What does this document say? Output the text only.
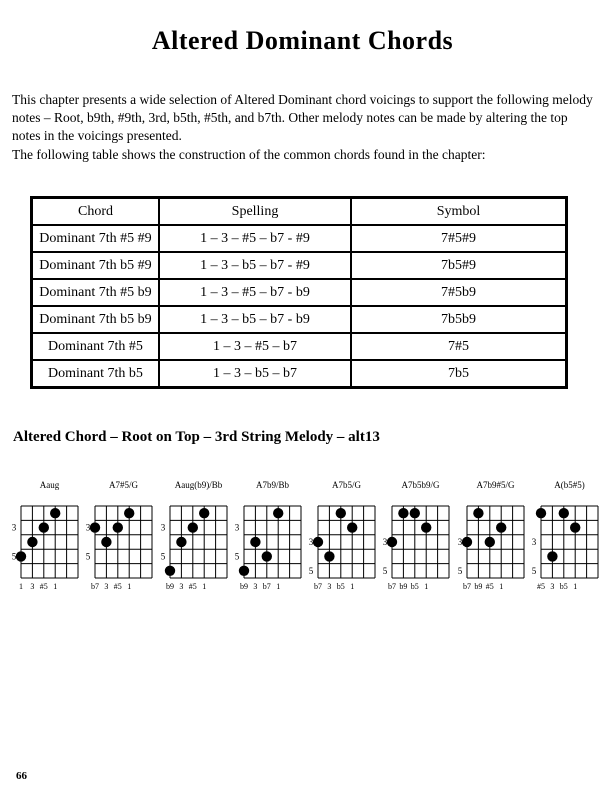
Altered Dominant Chords
This chapter presents a wide selection of Altered Dominant chord voicings to support the following melody notes – Root, b9th, #9th, 3rd, b5th, #5th, and b7th. Other melody notes can be made by altering the top notes in the voicings presented.
The following table shows the construction of the common chords found in the chapter:
Chord	Spelling	Symbol
Dominant 7th #5 #9	1 – 3 – #5 – b7 - #9	7#5#9
Dominant 7th b5 #9	1 – 3 – b5 – b7 - #9	7b5#9
Dominant 7th #5 b9	1 – 3 – #5 – b7 - b9	7#5b9
Dominant 7th b5 b9	1 – 3 – b5 – b7 - b9	7b5b9
Dominant 7th #5	1 – 3 – #5 – b7	7#5
Dominant 7th b5	1 – 3 – b5 – b7	7b5
Altered Chord – Root on Top – 3rd String Melody – alt13
Aaug
3
5
1 3 #5 1
A7#5/G
3
5
b7 3 #5 1
Aaug(b9)/Bb
3
5
b9 3 #5 1
A7b9/Bb
3
5
b9 3 b7 1
A7b5/G
3
5
b7 3 b5 1
A7b5b9/G
3
5
b7 b9 b5 1
A7b9#5/G
3
5
b7 b9 #5 1
A(b5#5)
3
5
#5 3 b5 1
66
